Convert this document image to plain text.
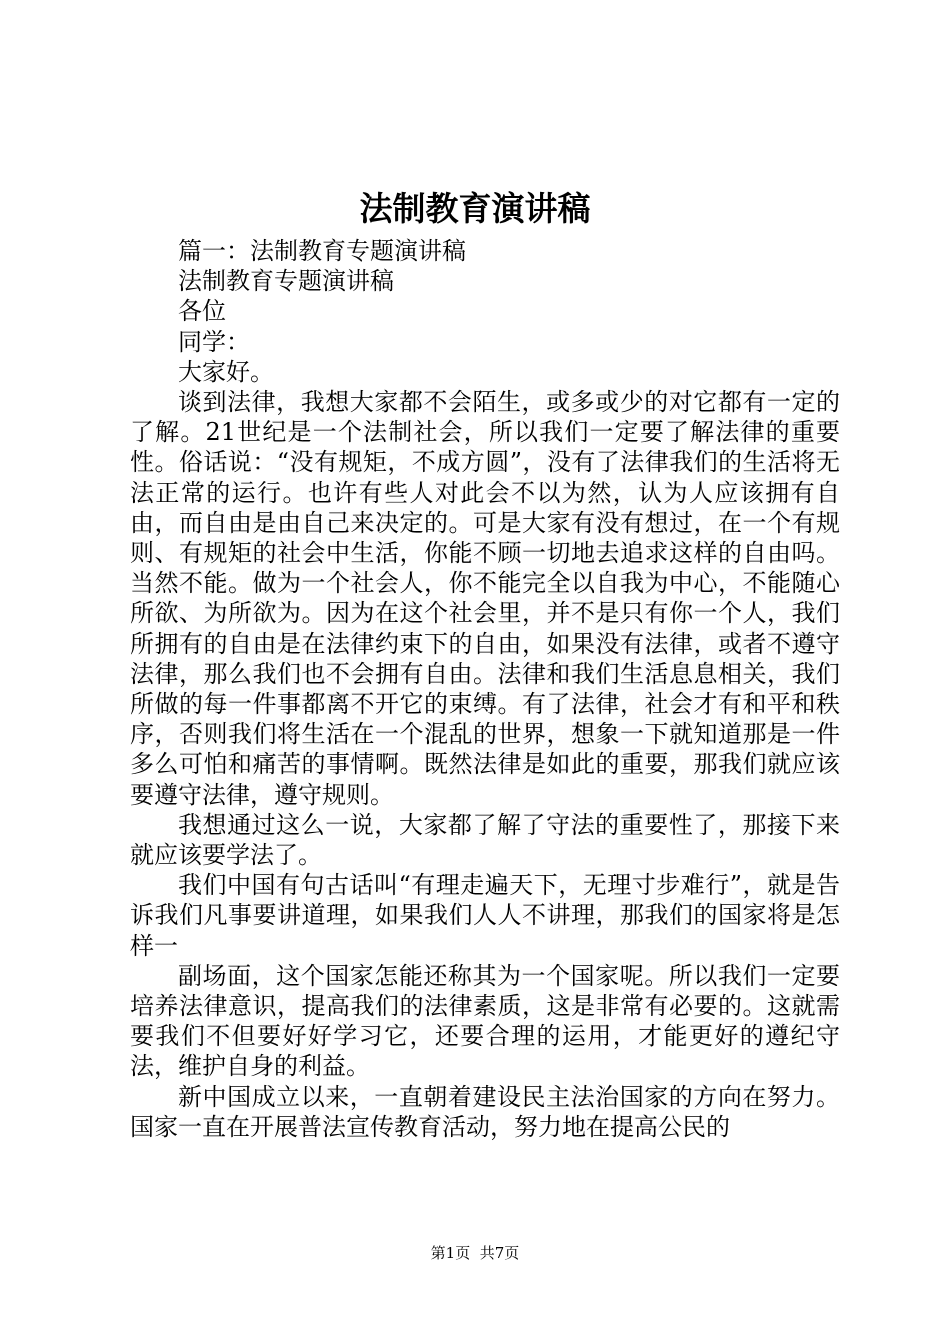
法制教育演讲稿

篇一：法制教育专题演讲稿

法制教育专题演讲稿

各位

同学：

大家好。

谈到法律，我想大家都不会陌生，或多或少的对它都有一定的了解。21世纪是一个法制社会，所以我们一定要了解法律的重要性。俗话说：“没有规矩，不成方圆”，没有了法律我们的生活将无法正常的运行。也许有些人对此会不以为然，认为人应该拥有自由，而自由是由自己来决定的。可是大家有没有想过，在一个有规则、有规矩的社会中生活，你能不顾一切地去追求这样的自由吗。当然不能。做为一个社会人，你不能完全以自我为中心，不能随心所欲、为所欲为。因为在这个社会里，并不是只有你一个人，我们所拥有的自由是在法律约束下的自由，如果没有法律，或者不遵守法律，那么我们也不会拥有自由。法律和我们生活息息相关，我们所做的每一件事都离不开它的束缚。有了法律，社会才有和平和秩序，否则我们将生活在一个混乱的世界，想象一下就知道那是一件多么可怕和痛苦的事情啊。既然法律是如此的重要，那我们就应该要遵守法律，遵守规则。

我想通过这么一说，大家都了解了守法的重要性了，那接下来就应该要学法了。

我们中国有句古话叫“有理走遍天下，无理寸步难行”，就是告诉我们凡事要讲道理，如果我们人人不讲理，那我们的国家将是怎样一

副场面，这个国家怎能还称其为一个国家呢。所以我们一定要培养法律意识，提高我们的法律素质，这是非常有必要的。这就需要我们不但要好好学习它，还要合理的运用，才能更好的遵纪守法，维护自身的利益。

新中国成立以来，一直朝着建设民主法治国家的方向在努力。国家一直在开展普法宣传教育活动，努力地在提高公民的

第1页 共7页
